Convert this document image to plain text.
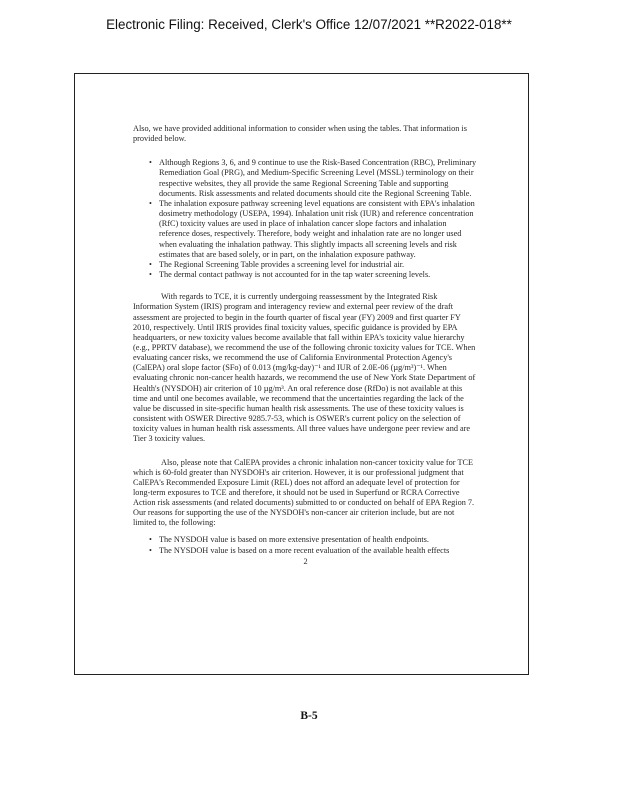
Electronic Filing: Received, Clerk's Office 12/07/2021 **R2022-018**

Also, we have provided additional information to consider when using the tables. That information is provided below.

• Although Regions 3, 6, and 9 continue to use the Risk-Based Concentration (RBC), Preliminary Remediation Goal (PRG), and Medium-Specific Screening Level (MSSL) terminology on their respective websites, they all provide the same Regional Screening Table and supporting documents. Risk assessments and related documents should cite the Regional Screening Table.
• The inhalation exposure pathway screening level equations are consistent with EPA's inhalation dosimetry methodology (USEPA, 1994). Inhalation unit risk (IUR) and reference concentration (RfC) toxicity values are used in place of inhalation cancer slope factors and inhalation reference doses, respectively. Therefore, body weight and inhalation rate are no longer used when evaluating the inhalation pathway. This slightly impacts all screening levels and risk estimates that are based solely, or in part, on the inhalation exposure pathway.
• The Regional Screening Table provides a screening level for industrial air.
• The dermal contact pathway is not accounted for in the tap water screening levels.

With regards to TCE, it is currently undergoing reassessment by the Integrated Risk Information System (IRIS) program and interagency review and external peer review of the draft assessment are projected to begin in the fourth quarter of fiscal year (FY) 2009 and first quarter FY 2010, respectively. Until IRIS provides final toxicity values, specific guidance is provided by EPA headquarters, or new toxicity values become available that fall within EPA's toxicity value hierarchy (e.g., PPRTV database), we recommend the use of the following chronic toxicity values for TCE. When evaluating cancer risks, we recommend the use of California Environmental Protection Agency's (CalEPA) oral slope factor (SFo) of 0.013 (mg/kg-day)⁻¹ and IUR of 2.0E-06 (µg/m³)⁻¹. When evaluating chronic non-cancer health hazards, we recommend the use of New York State Department of Health's (NYSDOH) air criterion of 10 µg/m³. An oral reference dose (RfDo) is not available at this time and until one becomes available, we recommend that the uncertainties regarding the lack of the value be discussed in site-specific human health risk assessments. The use of these toxicity values is consistent with OSWER Directive 9285.7-53, which is OSWER's current policy on the selection of toxicity values in human health risk assessments. All three values have undergone peer review and are Tier 3 toxicity values.

Also, please note that CalEPA provides a chronic inhalation non-cancer toxicity value for TCE which is 60-fold greater than NYSDOH's air criterion. However, it is our professional judgment that CalEPA's Recommended Exposure Limit (REL) does not afford an adequate level of protection for long-term exposures to TCE and therefore, it should not be used in Superfund or RCRA Corrective Action risk assessments (and related documents) submitted to or conducted on behalf of EPA Region 7. Our reasons for supporting the use of the NYSDOH's non-cancer air criterion include, but are not limited to, the following:

• The NYSDOH value is based on more extensive presentation of health endpoints.
• The NYSDOH value is based on a more recent evaluation of the available health effects

2

B-5
